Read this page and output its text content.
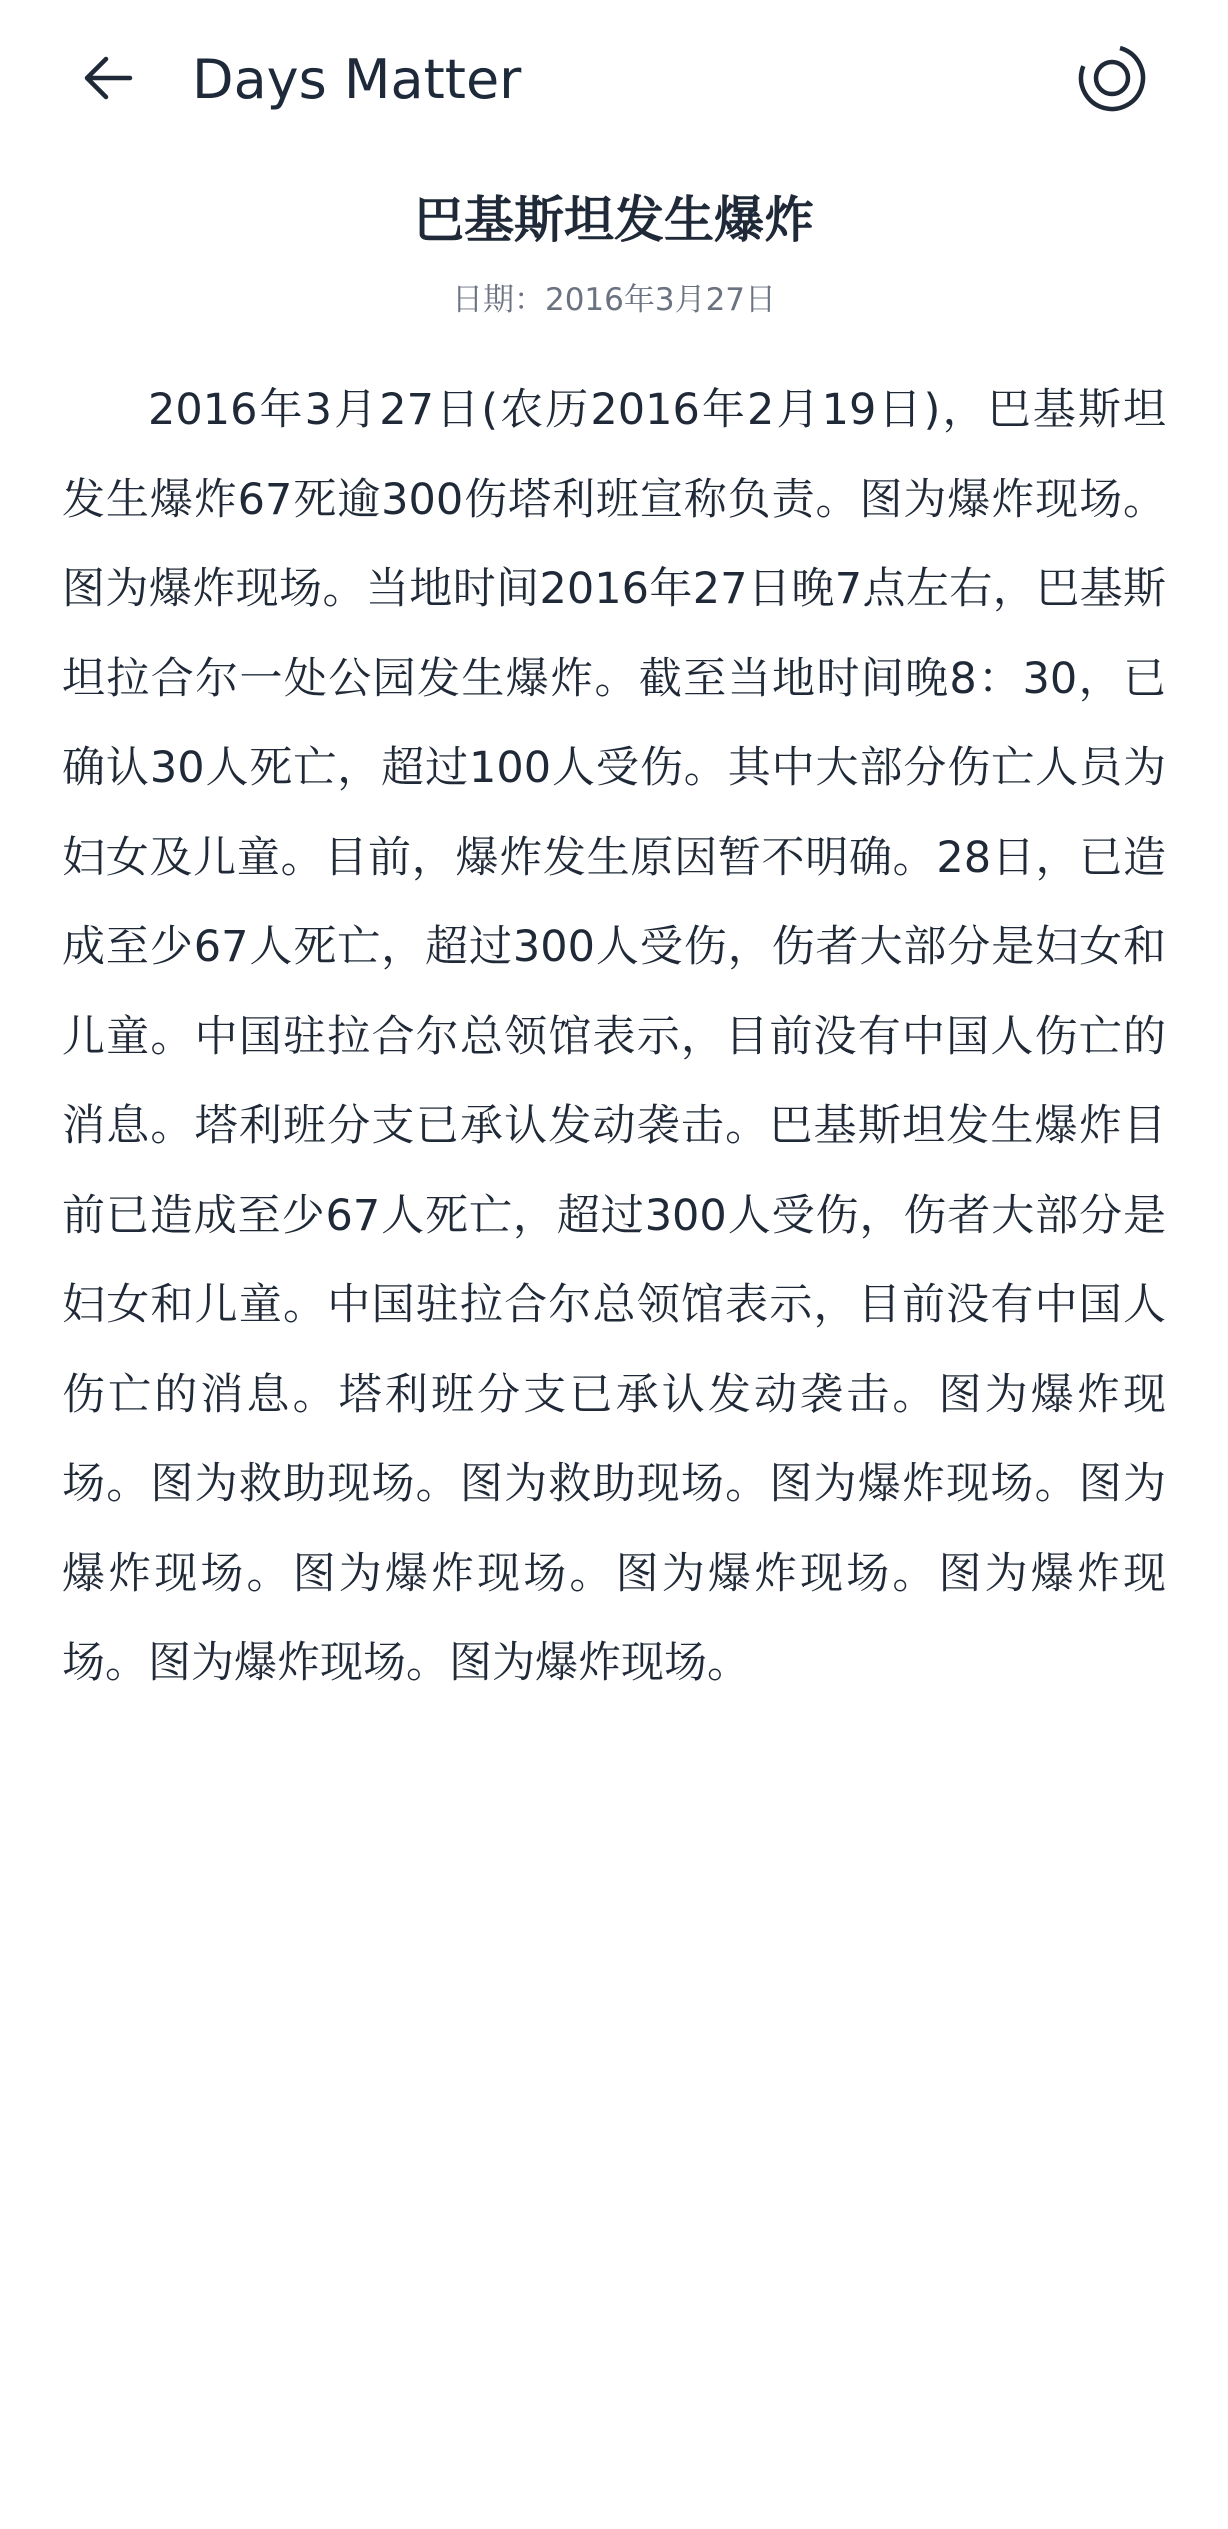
Days Matter
巴基斯坦发生爆炸
日期：2016年3月27日

2016年3月27日(农历2016年2月19日)，巴基斯坦发生爆炸67死逾300伤塔利班宣称负责。图为爆炸现场。图为爆炸现场。当地时间2016年27日晚7点左右，巴基斯坦拉合尔一处公园发生爆炸。截至当地时间晚8：30，已确认30人死亡，超过100人受伤。其中大部分伤亡人员为妇女及儿童。目前，爆炸发生原因暂不明确。28日，已造成至少67人死亡，超过300人受伤，伤者大部分是妇女和儿童。中国驻拉合尔总领馆表示，目前没有中国人伤亡的消息。塔利班分支已承认发动袭击。巴基斯坦发生爆炸目前已造成至少67人死亡，超过300人受伤，伤者大部分是妇女和儿童。中国驻拉合尔总领馆表示，目前没有中国人伤亡的消息。塔利班分支已承认发动袭击。图为爆炸现场。图为救助现场。图为救助现场。图为爆炸现场。图为爆炸现场。图为爆炸现场。图为爆炸现场。图为爆炸现场。图为爆炸现场。图为爆炸现场。
